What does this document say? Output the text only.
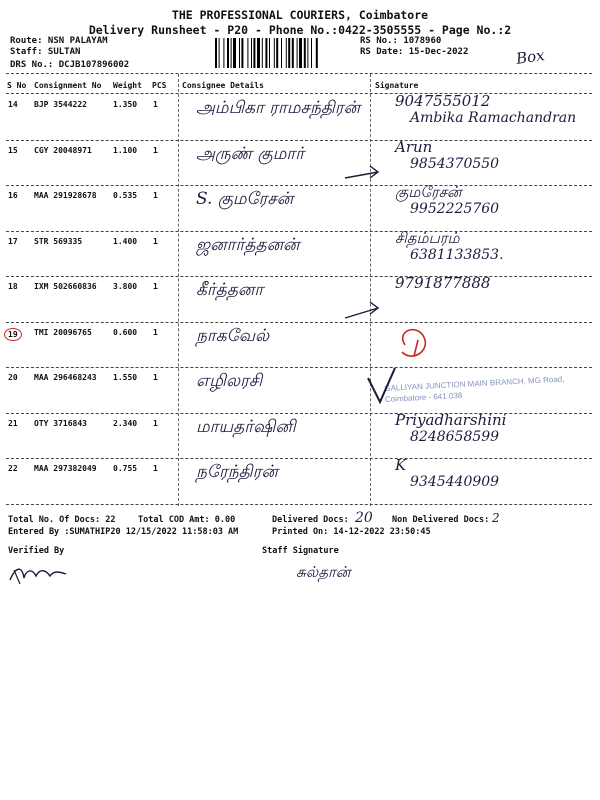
THE PROFESSIONAL COURIERS, Coimbatore
Delivery Runsheet - P20 - Phone No.:0422-3505555 - Page No.:2
Route: NSN PALAYAM
Staff: SULTAN
DRS No.: DCJB107896002
RS No.: 1078960
RS Date: 15-Dec-2022	Box
S No Consignment No Weight PCS Consignee Details	Signature
14 BJP 3544222	1.350 1 அம்பிகா ராமசந்திரன் 9047555012
Ambika Ramachandran
15 CGY 20048971	1.100 1 அருண் குமார்	Arun
9854370550
16 MAA 291928678 0.535 1 S. குமரேசன்	குமரேசன்
9952225760
17 STR 569335	1.400 1 ஜனார்த்தனன்	சிதம்பரம்
6381133853.
18 IXM 502660836 3.800 1 கீர்த்தனா	9791877888
19	TMI 20096765	0.600 1 நாகவேல்
20 MAA 296468243 1.550 1 எழிலரசி
21 OTY 3716843	2.340 1 மாயதர்ஷினி	Priyadharshini
8248658599
22 MAA 297382049 0.755 1 நரேந்திரன்	K
9345440909
GALLIYAN JUNCTION MAIN BRANCH, MG Road, Coimbatore - 641 038
Total No. Of Docs: 22	Total COD Amt: 0.00	Delivered Docs: 20 Non Delivered Docs: 2
Entered By :SUMATHIP20 12/15/2022 11:58:03 AM	Printed On: 14-12-2022 23:50:45
Verified By	Staff Signature
சுல்தான்
